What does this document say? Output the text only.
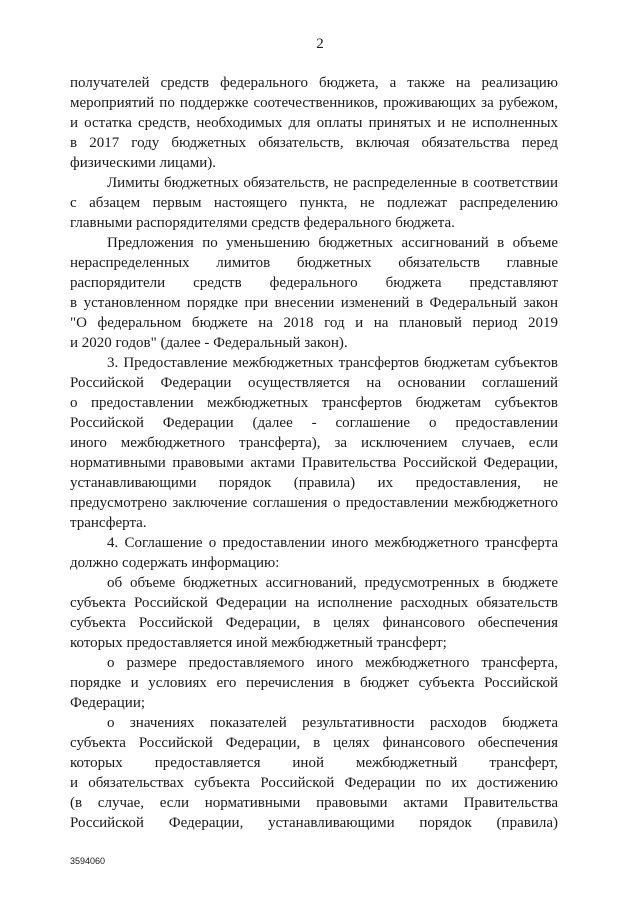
2
получателей средств федерального бюджета, а также на реализацию
мероприятий по поддержке соотечественников, проживающих за рубежом,
и остатка средств, необходимых для оплаты принятых и не исполненных
в 2017 году бюджетных обязательств, включая обязательства перед
физическими лицами).
Лимиты бюджетных обязательств, не распределенные в соответствии
с абзацем первым настоящего пункта, не подлежат распределению
главными распорядителями средств федерального бюджета.
Предложения по уменьшению бюджетных ассигнований в объеме
нераспределенных лимитов бюджетных обязательств главные
распорядители средств федерального бюджета представляют
в установленном порядке при внесении изменений в Федеральный закон
"О федеральном бюджете на 2018 год и на плановый период 2019
и 2020 годов" (далее - Федеральный закон).
3. Предоставление межбюджетных трансфертов бюджетам субъектов
Российской Федерации осуществляется на основании соглашений
о предоставлении межбюджетных трансфертов бюджетам субъектов
Российской Федерации (далее - соглашение о предоставлении
иного межбюджетного трансферта), за исключением случаев, если
нормативными правовыми актами Правительства Российской Федерации,
устанавливающими порядок (правила) их предоставления, не
предусмотрено заключение соглашения о предоставлении межбюджетного
трансферта.
4. Соглашение о предоставлении иного межбюджетного трансферта
должно содержать информацию:
об объеме бюджетных ассигнований, предусмотренных в бюджете
субъекта Российской Федерации на исполнение расходных обязательств
субъекта Российской Федерации, в целях финансового обеспечения
которых предоставляется иной межбюджетный трансферт;
о размере предоставляемого иного межбюджетного трансферта,
порядке и условиях его перечисления в бюджет субъекта Российской
Федерации;
о значениях показателей результативности расходов бюджета
субъекта Российской Федерации, в целях финансового обеспечения
которых предоставляется иной межбюджетный трансферт,
и обязательствах субъекта Российской Федерации по их достижению
(в случае, если нормативными правовыми актами Правительства
Российской Федерации, устанавливающими порядок (правила)
3594060
